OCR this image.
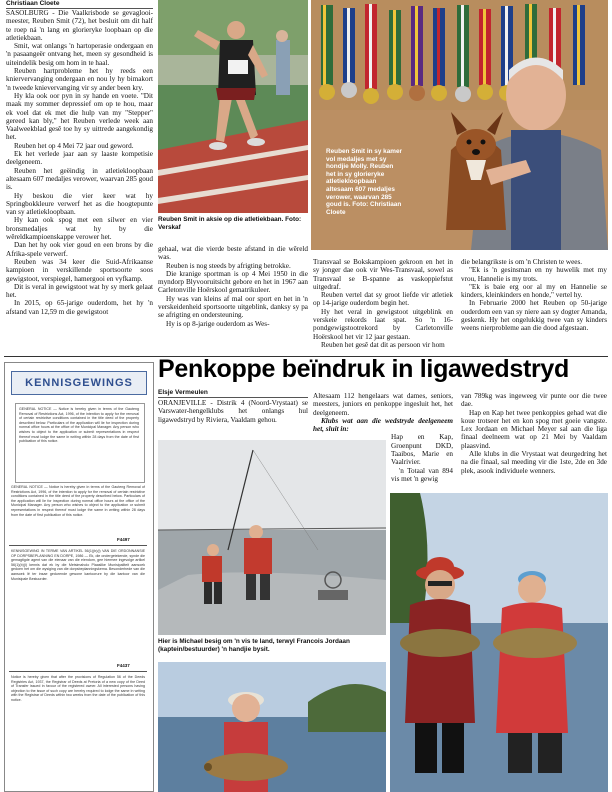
Christiaan Cloete

SASOLBURG - Die Vaalkrisbode se gevaglooi-meester, Reuben Smit (72), het besluit om dit half te roep ná 'n lang en glorieryke loopbaan op die atletiekbaan.

Smit, wat onlangs 'n hartoperasie ondergaan en 'n pasaangeër ontvang het, meen sy gesondheid is uiteindelik besig om hom in te haal.

Reuben hartprobleme het hy reeds een kniervervanging ondergaan en nou ly hy bimakort 'n tweede knievervanging vir sy ander been kry.

Hy kla ook oor pyn in sy hande en voete. "Dit maak my sommer depressief om op te hou, maar ek voel dat ek met die hulp van my "Stepper" gereed kan bly," het Reuben verlede week aan Vaalweekblad gesê toe hy sy uittrede aangekondig het.

Reuben het op 4 Mei 72 jaar oud geword.

Ek het verlede jaar aan sy laaste kompetisie deelgeneem.

Reuben het geëindig in atletiekloopbaan altesaam 607 medaljes verower, waarvan 285 goud is.

Hy beskou die vier keer wat hy Springbokkleure verwerf het as die hoogtepunte van sy atletiekloopbaan.

Hy kan ook spog met een silwer en vier bronsmedaljes wat hy by die wêreldkampioenskappe verower het.

Dan het hy ook vier goud en een brons by die Afrika-spele verwerf.

Reuben was 34 keer die Suid-Afrikaanse kampioen in verskillende sportsoorte soos gewigstoot, verspiegel, hamergooi en vyfkamp.

Dit is veral in gewigstoot wat hy sy merk gelaat het.

In 2015, op 65-jarige ouderdom, het hy 'n afstand van 12,59 m die gewigstoot

Reuben Smit in aksie op die atletiekbaan. Foto: Verskaf
Reuben Smit in sy kamer vol medaljes met sy hondjie Molly. Reuben het in sy glorieryke atletiekloopbaan altesaam 607 medaljes verower, waarvan 285 goud is. Foto: Christiaan Cloete

gehaal, wat die vierde beste afstand in die wêreld was.

Reuben is nog steeds by afrigting betrokke.

Die kranige sportman is op 4 Mei 1950 in die myndorp Blyvooruitsicht gebore en het in 1967 aan Carletonville Hoërskool gematrikuleer.

Hy was van kleins af mal oor sport en het in 'n verskeidenheid sportsoorte uitgeblink, danksy sy pa se afrigting en ondersteuning.

Hy is op 8-jarige ouderdom as Wes-

Transvaal se Bokskampioen gekroon en het in sy jonger dae ook vir Wes-Transvaal, sowel as Transvaal se B-spanne as vaskoppiefstut uitgedraf.

Reuben vertel dat sy groot liefde vir atletiek op 14-jarige ouderdom begin het.

Hy het veral in gewigstoot uitgeblink en verskeie rekords laat spat. So 'n 16-pondgewigstootrekord by Carletonville Hoërskool het vir 12 jaar gestaan.

Reuben het gesê dat dit as persoon vir hom

die belangrikste is om 'n Christen te wees.

"Ek is 'n gesinsman en ny huwelik met my vrou, Hannelie is my trots.

"Ek is baie erg oor al my en Hannelie se kinders, kleinkinders en honde," vertel hy.

In Februarie 2000 het Reuben op 50-jarige ouderdom een van sy niere aan sy dogter Amanda, geskenk. Hy het ongelukkig twee van sy kinders weens nierprobleme aan die dood afgestaan.

KENNISGEWINGS
GENERAL NOTICE — Notice is hereby given in terms of the Gauteng Removal of Restrictions Act, 1996, of the intention to apply for the removal of certain restrictive conditions contained in the title deed of the property described below. Particulars of the application will lie for inspection during normal office hours at the office of the Municipal Manager. Any person who wishes to object to the application or submit representations in respect thereof must lodge the same in writing within 28 days from the date of first publication of this notice.
GENERAL NOTICE — Notice is hereby given in terms of the Gauteng Removal of Restrictions Act, 1996, of the intention to apply for the removal of certain restrictive conditions contained in the title deed of the property described below. Particulars of the application will lie for inspection during normal office hours at the office of the Municipal Manager. Any person who wishes to object to the application or submit representations in respect thereof must lodge the same in writing within 28 days from the date of first publication of this notice.
F4497
KENNISGEWING IN TERME VAN ARTIKEL 56(1)(b)(i) VAN DIE ORDONNANSIE OP DORPSBEPLANNING EN DORPE, 1986 — Ek, die ondergetekende, synde die gemagtigde agent van die eienaar van die eiendom, gee hiermee ingevolge artikel 56(1)(b)(i) kennis dat ek by die Metsimaholo Plaaslike Munisipaliteit aansoek gedoen het om die wysiging van die dorpsbeplanningskema. Besonderhede van die aansoek lê ter insae gedurende gewone kantoorure by die kantoor van die Munisipale Bestuurder.
F4437
Notice is hereby given that after the provisions of Regulation 56 of the Deeds Registries Act, 1937, the Registrar of Deeds at Pretoria of a new copy of the Deed of Transfer issued in favour of the registered owner. All interested persons having objection to the issue of such copy are hereby required to lodge the same in writing with the Registrar of Deeds within two weeks from the date of the publication of this notice.
Penkoppe beïndruk in ligawedstryd
Elsje Vermeulen

ORANJEVILLE - Distrik 4 (Noord-Vrystaat) se Varswater-hengelklubs het onlangs hul ligawedstryd by Riviera, Vaaldam gehou.

Altesaam 112 hengelaars wat dames, seniors, meesters, juniors en penkoppe ingesluit het, het deelgeneem.

Klubs wat aan die wedstryde deelgeneem het, sluit in:

Hap en Kap, Groenpunt DKD, Taaibos, Marie en Vaalrivier.

'n Totaal van 894 vis met 'n gewig

van 789kg was ingeweeg vir punte oor die twee dae.

Hap en Kap het twee penkoppies gehad wat die koue trotseer het en kon spog met goeie vangste. Lex Jordaan en Michael Meyer sal aan die liga finaal deelneem wat op 21 Mei by Vaaldam plaasvind.

Alle klubs in die Vrystaat wat deurgedring het na die finaal, sal meeding vir die 1ste, 2de en 3de plek, asook individuele wenners.

Hier is Michael besig om 'n vis te land, terwyl Francois Jordaan (kaptein/bestuurder) 'n handjie bysit.
